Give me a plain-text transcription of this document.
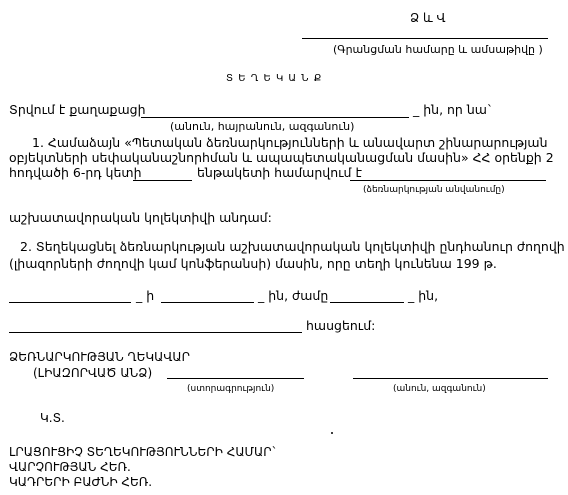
Ձ և Վ
(Գրանցման համարը և ամսաթիվը )
Տ Ե Ղ Ե Կ Ա Ն Ք
Տրվում է քաղաքացի	_ ին, որ նա`
(անուն, հայրանուն, ազգանուն)
1. Համաձայն «Պետական ձեռնարկությունների և անավարտ շինարարության
օբյեկտների սեփականաշնորհման և ապապետականացման մասին» ՀՀ օրենքի 2
հոդվածի 6-րդ կետի	ենթակետի համարվում է
(ձեռնարկության անվանումը)
աշխատավորական կոլեկտիվի անդամ:
2. Տեղեկացնել ձեռնարկության աշխատավորական կոլեկտիվի ընդհանուր ժողովի
(լիազորների ժողովի կամ կոնֆերանսի) մասին, որը տեղի կունենա 199 թ.
_ ի	_ ին, ժամը	_ ին,
հասցեում:
ՁԵՌՆԱՐԿՈՒԹՅԱՆ ՂԵԿԱՎԱՐ
(ԼԻԱԶՈՐՎԱԾ ԱՆՁ)
(ստորագրություն)	(անուն, ազգանուն)
Կ.Տ.
ԼՐԱՑՈՒՑԻՉ ՏԵՂԵԿՈՒԹՅՈՒՆՆԵՐԻ ՀԱՄԱՐ`
ՎԱՐՉՈՒԹՅԱՆ ՀԵՌ.
ԿԱԴՐԵՐԻ ԲԱԺՆԻ ՀԵՌ.
